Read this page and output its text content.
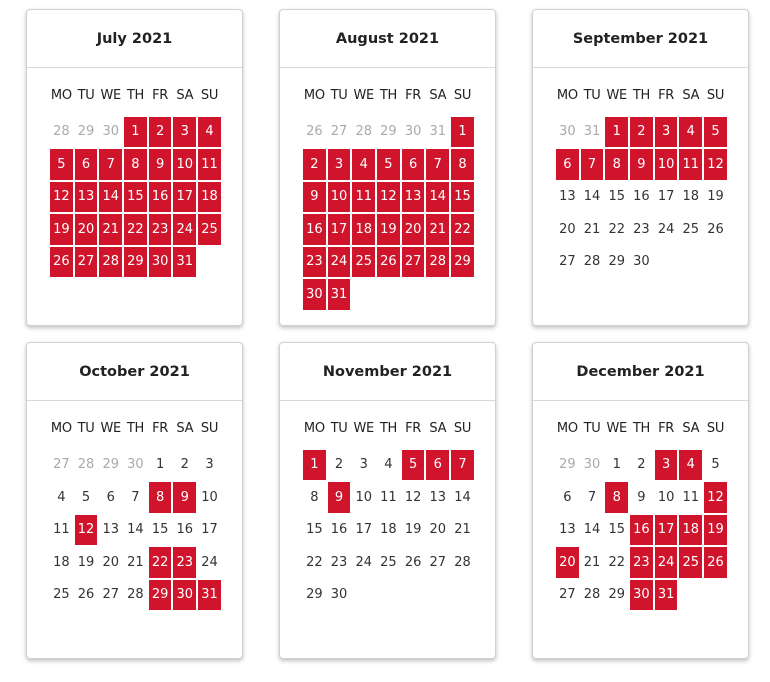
July 2021
MO TU WE TH FR SA SU
28 29 30 1	2	3	4
5	6	7	8	9 10 11
12 13 14 15 16 17 18
19 20 21 22 23 24 25
26 27 28 29 30 31
August 2021
MO TU WE TH FR SA SU
26 27 28 29 30 31 1
2	3	4	5	6	7	8
9 10 11 12 13 14 15
16 17 18 19 20 21 22
23 24 25 26 27 28 29
30 31
September 2021
MO TU WE TH FR SA SU
30 31 1	2	3	4	5
6	7	8	9 10 11 12
13 14 15 16 17 18 19
20 21 22 23 24 25 26
27 28 29 30
October 2021
MO TU WE TH FR SA SU
27 28 29 30 1	2	3
4	5	6	7	8	9 10
11 12 13 14 15 16 17
18 19 20 21 22 23 24
25 26 27 28 29 30 31
November 2021
MO TU WE TH FR SA SU
1	2	3	4	5	6	7
8	9 10 11 12 13 14
15 16 17 18 19 20 21
22 23 24 25 26 27 28
29 30
December 2021
MO TU WE TH FR SA SU
29 30 1	2	3	4	5
6	7	8	9 10 11 12
13 14 15 16 17 18 19
20 21 22 23 24 25 26
27 28 29 30 31
